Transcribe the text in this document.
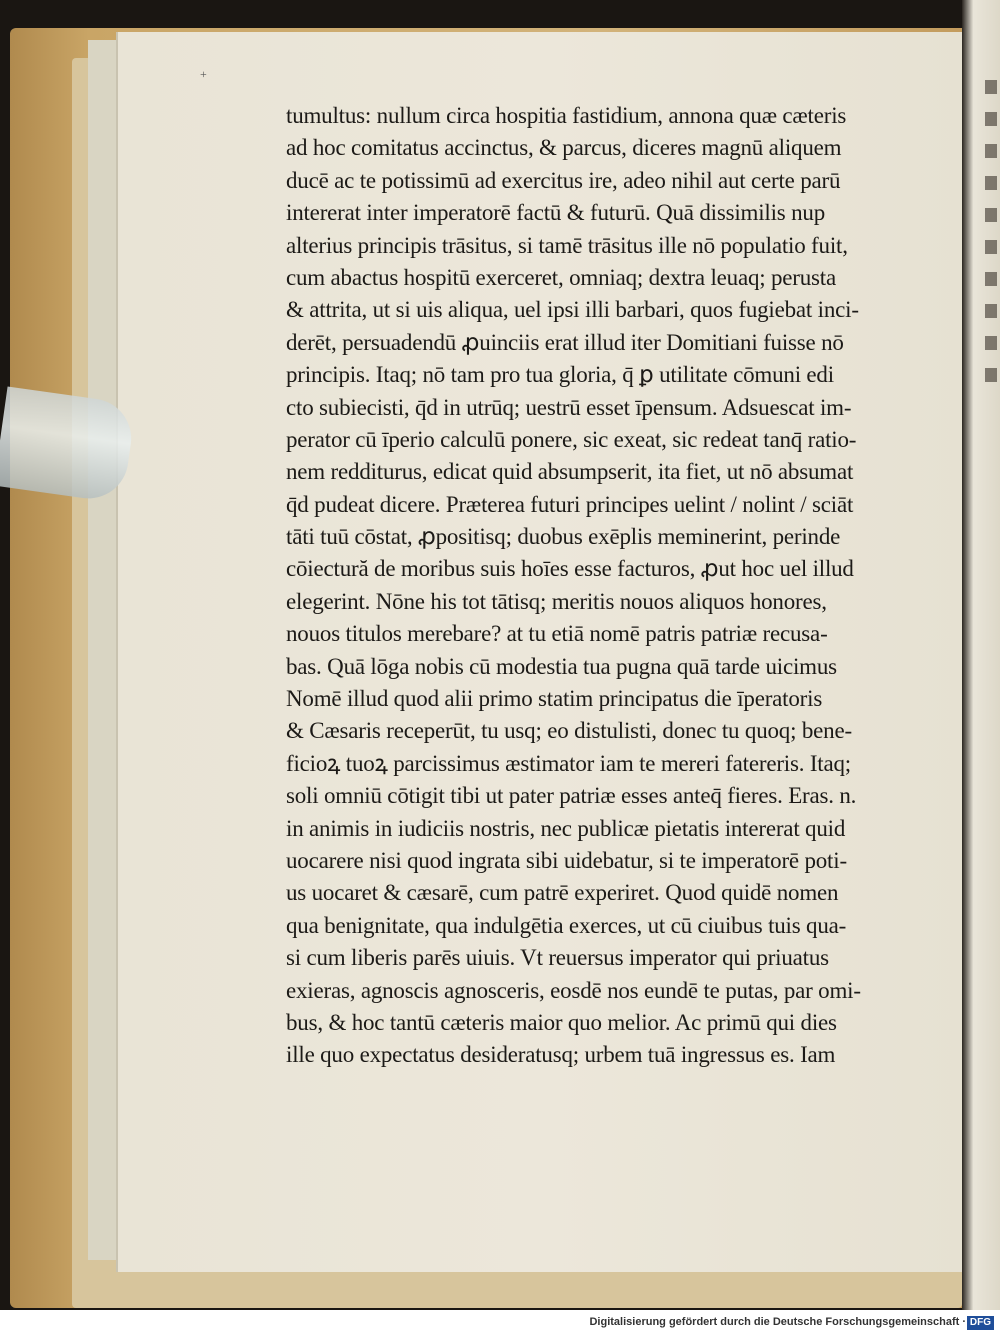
+
tumultus: nullum circa hospitia fastidium, annona quæ cæteris
ad hoc comitatus accinctus, & parcus, diceres magnū aliquem
ducē ac te potissimū ad exercitus ire, adeo nihil aut certe parū
intererat inter imperatorē factū & futurū. Quā dissimilis nup
alterius principis trāsitus, si tamē trāsitus ille nō populatio fuit,
cum abactus hospitū exerceret, omniaq; dextra leuaq; perusta
& attrita, ut si uis aliqua, uel ipsi illi barbari, quos fugiebat inci-
derēt, persuadendū ꝓuinciis erat illud iter Domitiani fuisse nō
principis. Itaq; nō tam pro tua gloria, q̄ ꝑ utilitate cōmuni edi
cto subiecisti, q̄d in utrūq; uestrū esset īpensum. Adsuescat im-
perator cū īperio calculū ponere, sic exeat, sic redeat tanq̄ ratio-
nem redditurus, edicat quid absumpserit, ita fiet, ut nō absumat
q̄d pudeat dicere. Præterea futuri principes uelint / nolint / sciāt
tāti tuū cōstat, ꝓpositisq; duobus exēplis meminerint, perinde
cōiectură de moribus suis hoīes esse facturos, ꝓut hoc uel illud
elegerint. Nōne his tot tātisq; meritis nouos aliquos honores,
nouos titulos merebare? at tu etiā nomē patris patriæ recusa-
bas. Quā lōga nobis cū modestia tua pugna quā tarde uicimus
Nomē illud quod alii primo statim principatus die īperatoris
& Cæsaris receperūt, tu usq; eo distulisti, donec tu quoq; bene-
ficioꝝ tuoꝝ parcissimus æstimator iam te mereri fatereris. Itaq;
soli omniū cōtigit tibi ut pater patriæ esses anteq̄ fieres. Eras. n.
in animis in iudiciis nostris, nec publicæ pietatis intererat quid
uocarere nisi quod ingrata sibi uidebatur, si te imperatorē poti-
us uocaret & cæsarē, cum patrē experiret. Quod quidē nomen
qua benignitate, qua indulgētia exerces, ut cū ciuibus tuis qua-
si cum liberis parēs uiuis. Vt reuersus imperator qui priuatus
exieras, agnoscis agnosceris, eosdē nos eundē te putas, par omi-
bus, & hoc tantū cæteris maior quo melior. Ac primū qui dies
ille quo expectatus desideratusq; urbem tuā ingressus es. Iam
Digitalisierung gefördert durch die Deutsche Forschungsgemeinschaft · DFG
